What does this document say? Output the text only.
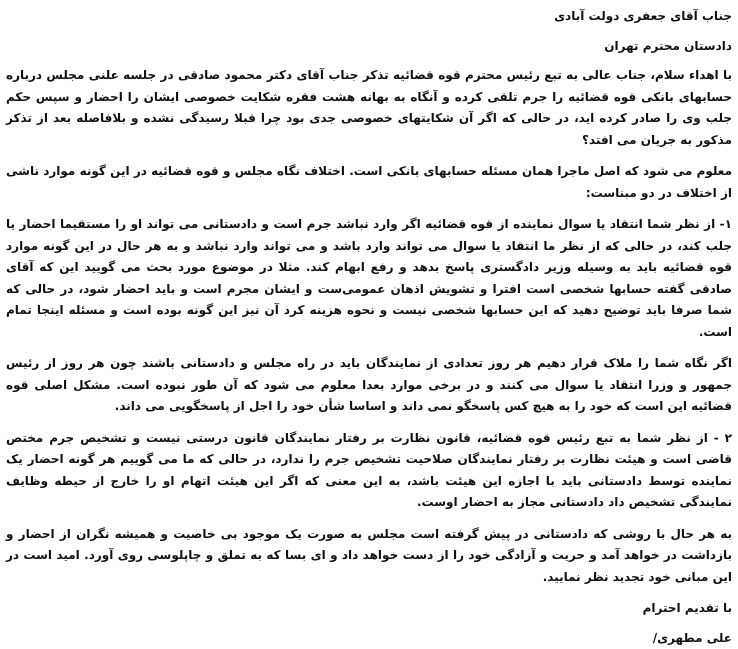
جناب آقای جعفری دولت آبادی

دادستان محترم تهران

با اهداء سلام، جناب عالی به تبع رئیس محترم قوه قضائیه تذکر جناب آقای دکتر محمود صادقی در جلسه علنی مجلس درباره حسابهای بانکی قوه قضائیه را جرم تلقی کرده و آنگاه به بهانه هشت فقره شکایت خصوصی ایشان را احضار و سپس حکم جلب وی را صادر کرده اید، در حالی که اگر آن شکایتهای خصوصی جدی بود چرا قبلا رسیدگی نشده و بلافاصله بعد از تذکر مذکور به جریان می افتد؟

معلوم می شود که اصل ماجرا همان مسئله حسابهای بانکی است. اختلاف نگاه مجلس و قوه قضائیه در این گونه موارد ناشی از اختلاف در دو مبناست:

۱- از نظر شما انتقاد یا سوال نماینده از قوه قضائیه اگر وارد نباشد جرم است و دادستانی می تواند او را مستقیما احضار یا جلب کند، در حالی که از نظر ما انتقاد یا سوال می تواند وارد باشد و می تواند وارد نباشد و به هر حال در این گونه موارد قوه قضائیه باید به وسیله وزیر دادگستری پاسخ بدهد و رفع ابهام کند. مثلا در موضوع مورد بحث می گویید این که آقای صادقی گفته حسابها شخصی است افترا و تشویش اذهان عمومی‌ست و ایشان مجرم است و باید احضار شود، در حالی که شما صرفا باید توضیح دهید که این حسابها شخصی نیست و نحوه هزینه کرد آن نیز این گونه بوده است و مسئله اینجا تمام است.

اگر نگاه شما را ملاک قرار دهیم هر روز تعدادی از نمایندگان باید در راه مجلس و دادستانی باشند چون هر روز از رئیس جمهور و وزرا انتقاد یا سوال می کنند و در برخی موارد بعدا معلوم می شود که آن طور نبوده است. مشکل اصلی قوه قضائیه این است که خود را به هیچ کس پاسخگو نمی داند و اساسا شأن خود را اجل از پاسخگویی می داند.

۲ - از نظر شما به تبع رئیس قوه قضائیه، قانون نظارت بر رفتار نمایندگان قانون درستی نیست و تشخیص جرم مختص قاضی است و هیئت نظارت بر رفتار نمایندگان صلاحیت تشخیص جرم را ندارد، در حالی که ما می گوییم هر گونه احضار یک نماینده توسط دادستانی باید با اجازه این هیئت باشد، به این معنی که اگر این هیئت اتهام او را خارج از حیطه وظایف نمایندگی تشخیص داد دادستانی مجاز به احضار اوست.

به هر حال با روشی که دادستانی در پیش گرفته است مجلس به صورت یک موجود بی خاصیت و همیشه نگران از احضار و بازداشت در خواهد آمد و حریت و آزادگی خود را از دست خواهد داد و ای بسا که به تملق و چاپلوسی روی آورد. امید است در این مبانی خود تجدید نظر نمایید.

با تقدیم احترام

علی مطهری/
